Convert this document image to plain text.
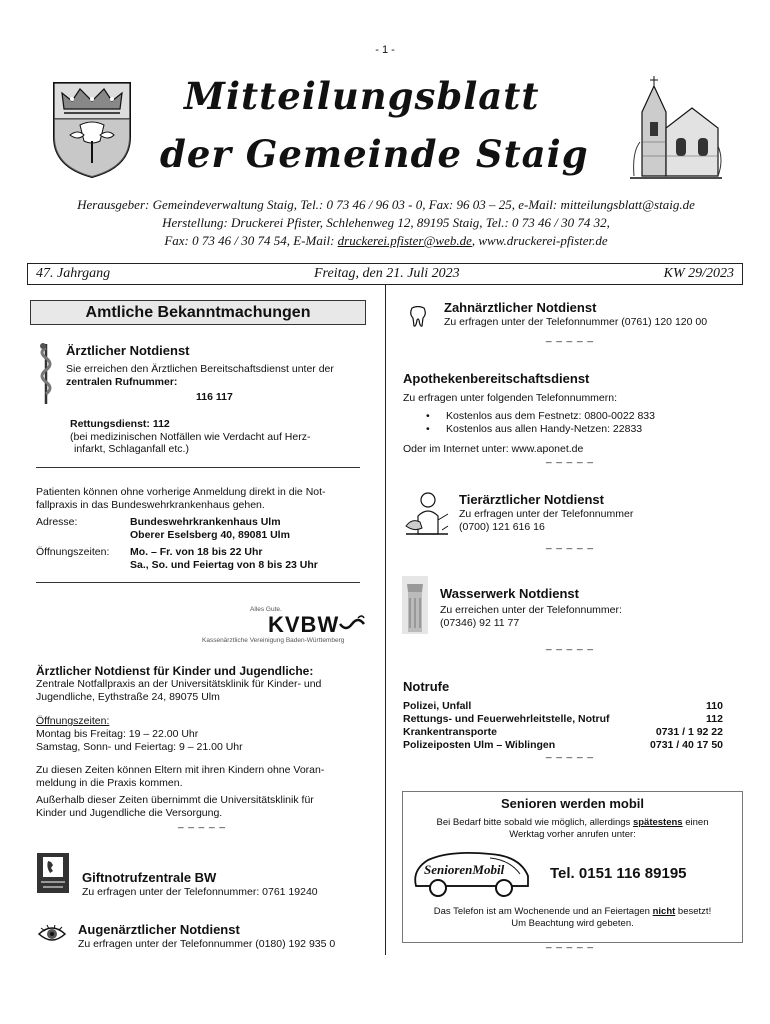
- 1 -
Mitteilungsblatt
der Gemeinde Staig
Herausgeber: Gemeindeverwaltung Staig, Tel.: 0 73 46 / 96 03 - 0, Fax: 96 03 – 25, e-Mail: mitteilungsblatt@staig.de
Herstellung: Druckerei Pfister, Schlehenweg 12, 89195 Staig, Tel.: 0 73 46 / 30 74 32,
Fax: 0 73 46 / 30 74 54, E-Mail: druckerei.pfister@web.de, www.druckerei-pfister.de
47. Jahrgang	Freitag, den 21. Juli 2023	KW 29/2023
Amtliche Bekanntmachungen
Ärztlicher Notdienst
Sie erreichen den Ärztlichen Bereitschaftsdienst unter der
zentralen Rufnummer:
116 117
Rettungsdienst: 112
(bei medizinischen Notfällen wie Verdacht auf Herz-
infarkt, Schlaganfall etc.)
Patienten können ohne vorherige Anmeldung direkt in die Not-
fallpraxis in das Bundeswehrkrankenhaus gehen.
Adresse:	Bundeswehrkrankenhaus Ulm
Oberer Eselsberg 40, 89081 Ulm
Öffnungszeiten: Mo. – Fr. von 18 bis 22 Uhr
Sa., So. und Feiertag von 8 bis 23 Uhr
Alles Gute.
KVBW
Kassenärztliche Vereinigung Baden-Württemberg
Ärztlicher Notdienst für Kinder und Jugendliche:
Zentrale Notfallpraxis an der Universitätsklinik für Kinder- und
Jugendliche, Eythstraße 24, 89075 Ulm
Öffnungszeiten:
Montag bis Freitag: 19 – 22.00 Uhr
Samstag, Sonn- und Feiertag: 9 – 21.00 Uhr
Zu diesen Zeiten können Eltern mit ihren Kindern ohne Voran-
meldung in die Praxis kommen.
Außerhalb dieser Zeiten übernimmt die Universitätsklinik für
Kinder und Jugendliche die Versorgung.
_ _ _ _ _
Giftnotrufzentrale BW
Zu erfragen unter der Telefonnummer: 0761 19240
Augenärztlicher Notdienst
Zu erfragen unter der Telefonnummer (0180) 192 935 0
Zahnärztlicher Notdienst
Zu erfragen unter der Telefonnummer (0761) 120 120 00
_ _ _ _ _
Apothekenbereitschaftsdienst
Zu erfragen unter folgenden Telefonnummern:
• Kostenlos aus dem Festnetz: 0800-0022 833
• Kostenlos aus allen Handy-Netzen: 22833
Oder im Internet unter: www.aponet.de
_ _ _ _ _
Tierärztlicher Notdienst
Zu erfragen unter der Telefonnummer
(0700) 121 616 16
_ _ _ _ _
Wasserwerk Notdienst
Zu erreichen unter der Telefonnummer:
(07346) 92 11 77
_ _ _ _ _
Notrufe
Polizei, Unfall	110
Rettungs- und Feuerwehrleitstelle, Notruf	112
Krankentransporte	0731 / 1 92 22
Polizeiposten Ulm – Wiblingen	0731 / 40 17 50
_ _ _ _ _
Senioren werden mobil
Bei Bedarf bitte sobald wie möglich, allerdings spätestens einen
Werktag vorher anrufen unter:
SeniorenMobil	Tel. 0151 116 89195
Das Telefon ist am Wochenende und an Feiertagen nicht besetzt!
Um Beachtung wird gebeten.
_ _ _ _ _
